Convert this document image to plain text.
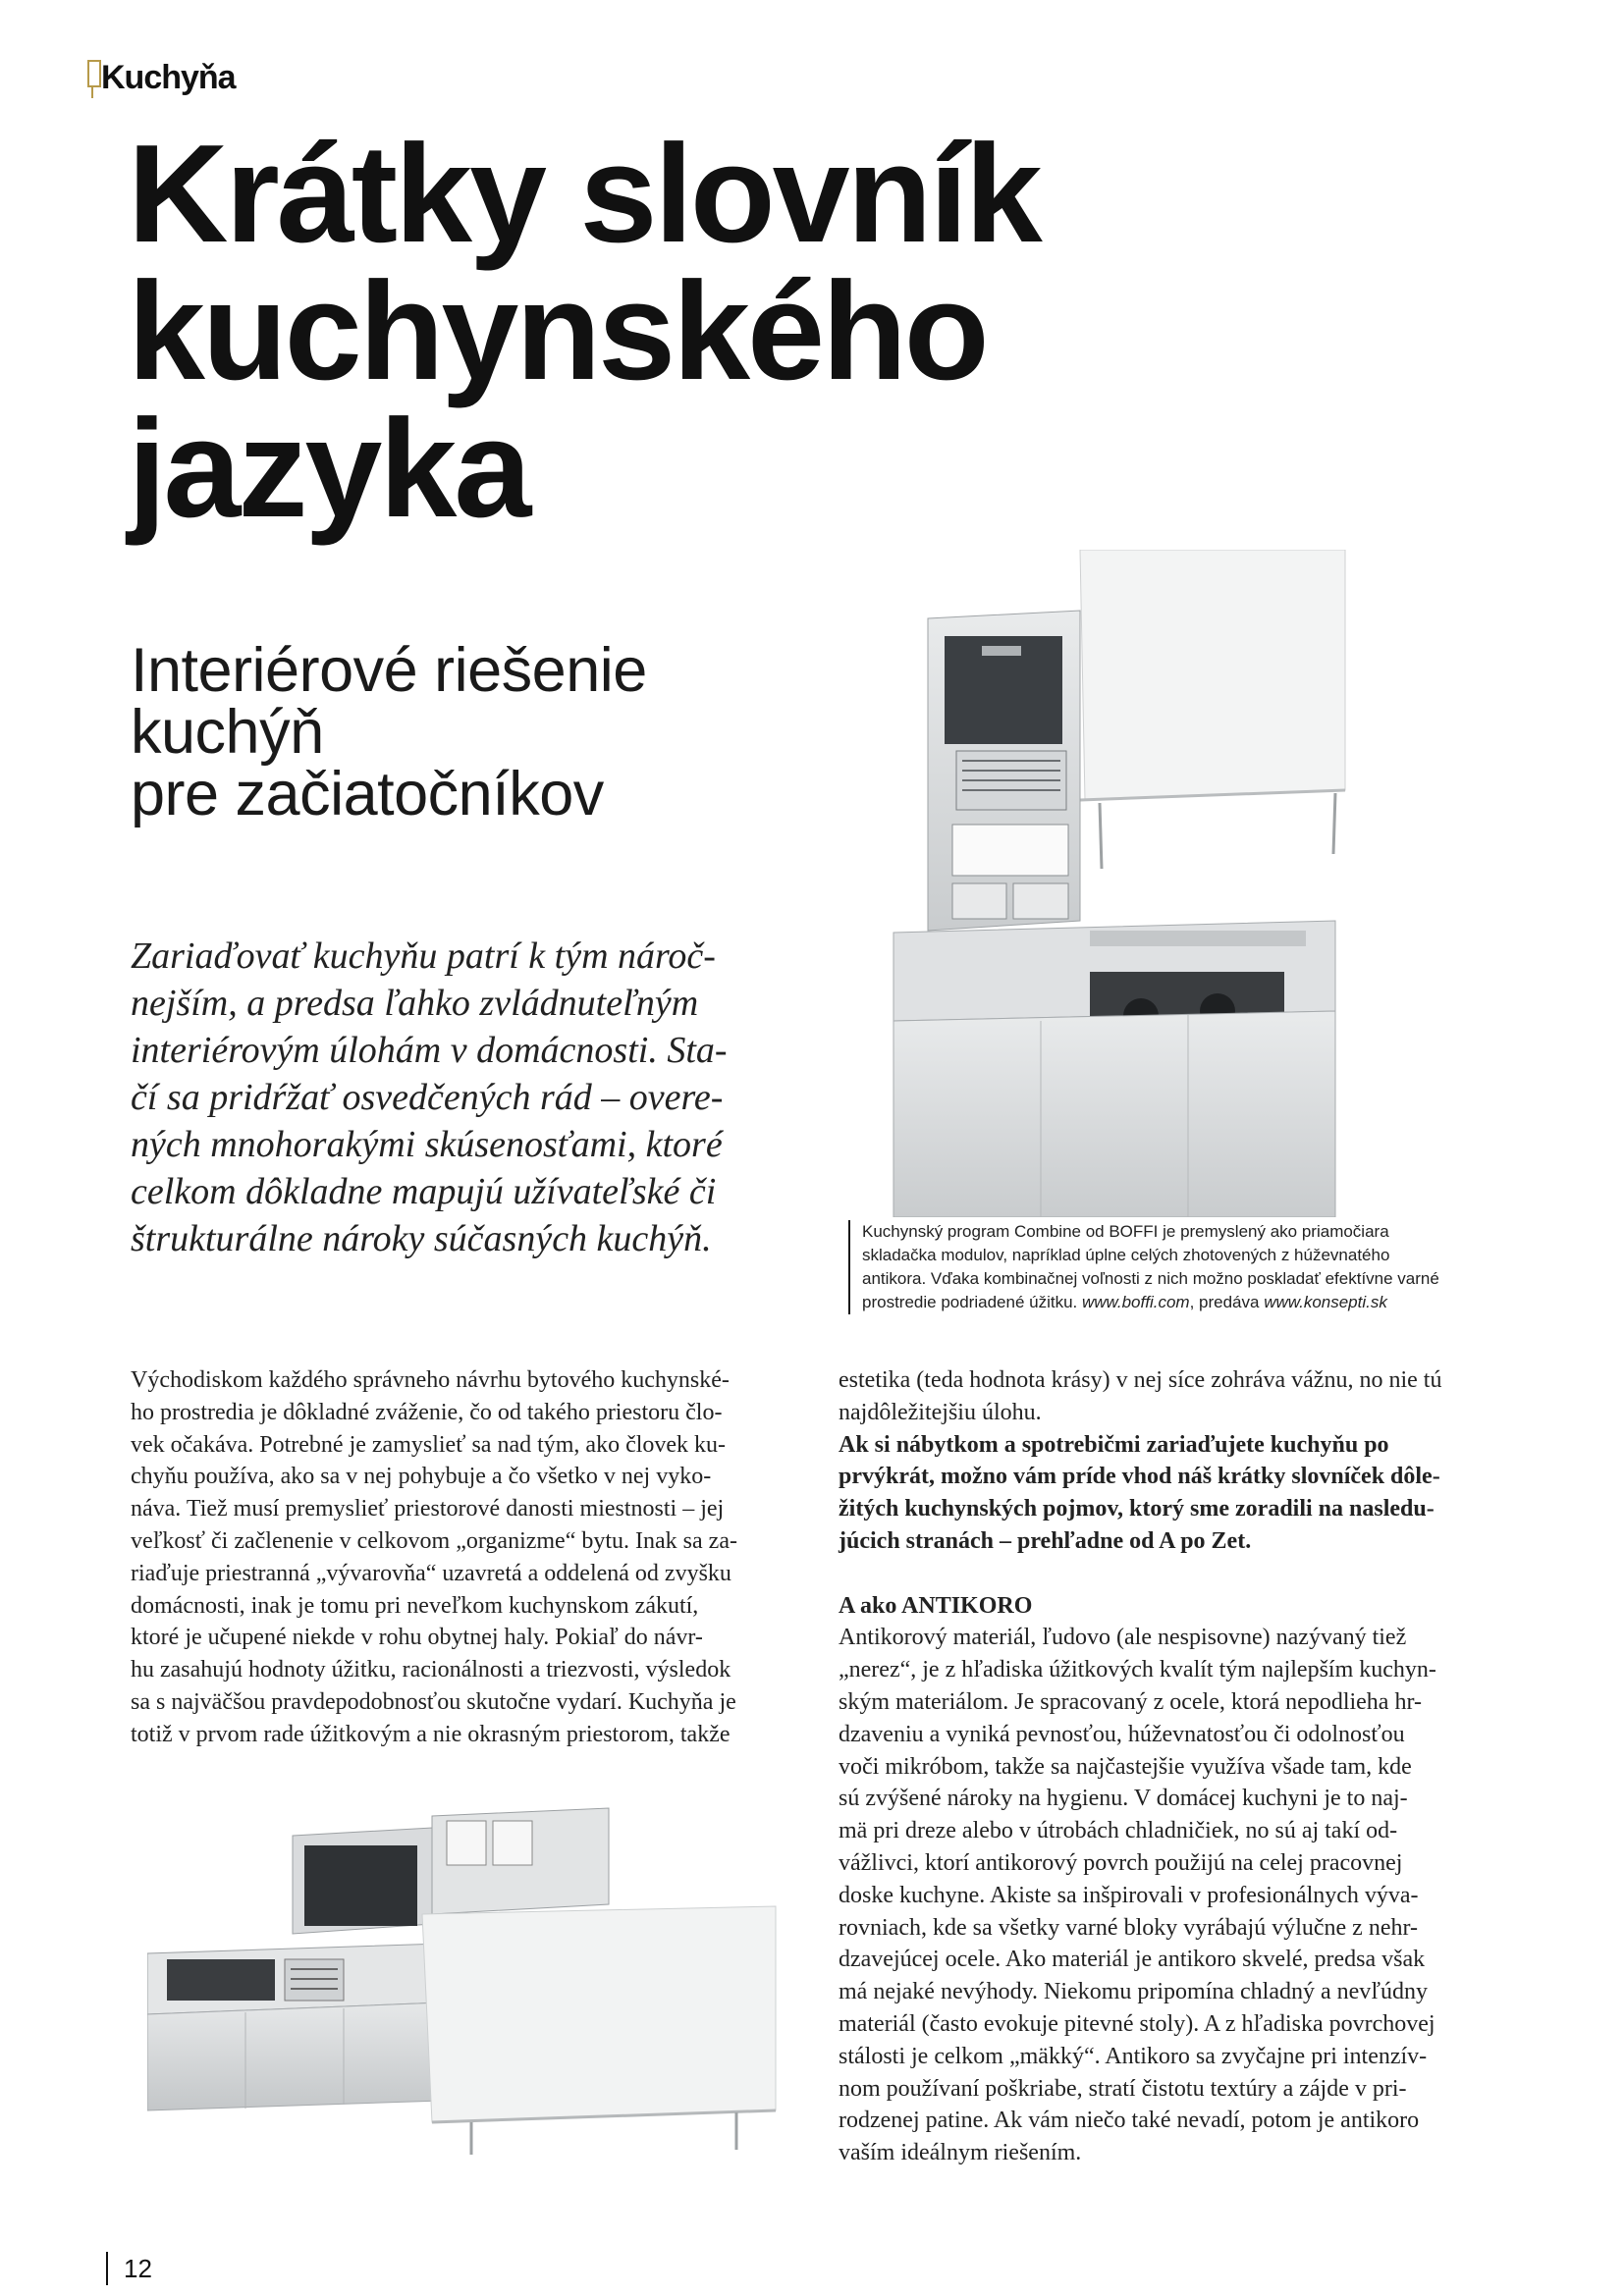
Kuchyňa
Krátky slovník
kuchynského
jazyka
Interiérové riešenie
kuchýň
pre začiatočníkov
Zariaďovať kuchyňu patrí k tým nároč-
nejším, a predsa ľahko zvládnuteľným
interiérovým úlohám v domácnosti. Sta-
čí sa pridŕžať osvedčených rád – overe-
ných mnohorakými skúsenosťami, ktoré
celkom dôkladne mapujú užívateľské či
štrukturálne nároky súčasných kuchýň.	Kuchynský program Combine od BOFFI je premyslený ako priamočiara
skladačka modulov, napríklad úplne celých zhotovených z húževnatého
antikora. Vďaka kombinačnej voľnosti z nich možno poskladať efektívne varné
prostredie podriadené úžitku. www.boffi.com, predáva www.konsepti.sk
Východiskom každého správneho návrhu bytového kuchynské-
ho prostredia je dôkladné zváženie, čo od takého priestoru člo-
vek očakáva. Potrebné je zamyslieť sa nad tým, ako človek ku-
chyňu používa, ako sa v nej pohybuje a čo všetko v nej vyko-
náva. Tiež musí premyslieť priestorové danosti miestnosti – jej
veľkosť či začlenenie v celkovom „organizme“ bytu. Inak sa za-
riaďuje priestranná „vývarovňa“ uzavretá a oddelená od zvyšku
domácnosti, inak je tomu pri neveľkom kuchynskom zákutí,
ktoré je učupené niekde v rohu obytnej haly. Pokiaľ do návr-
hu zasahujú hodnoty úžitku, racionálnosti a triezvosti, výsledok
sa s najväčšou pravdepodobnosťou skutočne vydarí. Kuchyňa je
totiž v prvom rade úžitkovým a nie okrasným priestorom, takže
estetika (teda hodnota krásy) v nej síce zohráva vážnu, no nie tú
najdôležitejšiu úlohu.
Ak si nábytkom a spotrebičmi zariaďujete kuchyňu po
prvýkrát, možno vám príde vhod náš krátky slovníček dôle-
žitých kuchynských pojmov, ktorý sme zoradili na nasledu-
júcich stranách – prehľadne od A po Zet.
A ako ANTIKORO
Antikorový materiál, ľudovo (ale nespisovne) nazývaný tiež
„nerez“, je z hľadiska úžitkových kvalít tým najlepším kuchyn-
ským materiálom. Je spracovaný z ocele, ktorá nepodlieha hr-
dzaveniu a vyniká pevnosťou, húževnatosťou či odolnosťou
voči mikróbom, takže sa najčastejšie využíva všade tam, kde
sú zvýšené nároky na hygienu. V domácej kuchyni je to naj-
mä pri dreze alebo v útrobách chladničiek, no sú aj takí od-
vážlivci, ktorí antikorový povrch použijú na celej pracovnej
doske kuchyne. Akiste sa inšpirovali v profesionálnych výva-
rovniach, kde sa všetky varné bloky vyrábajú výlučne z nehr-
dzavejúcej ocele. Ako materiál je antikoro skvelé, predsa však
má nejaké nevýhody. Niekomu pripomína chladný a nevľúdny
materiál (často evokuje pitevné stoly). A z hľadiska povrchovej
stálosti je celkom „mäkký“. Antikoro sa zvyčajne pri intenzív-
nom používaní poškriabe, stratí čistotu textúry a zájde v pri-
rodzenej patine. Ak vám niečo také nevadí, potom je antikoro
vaším ideálnym riešením.
12
